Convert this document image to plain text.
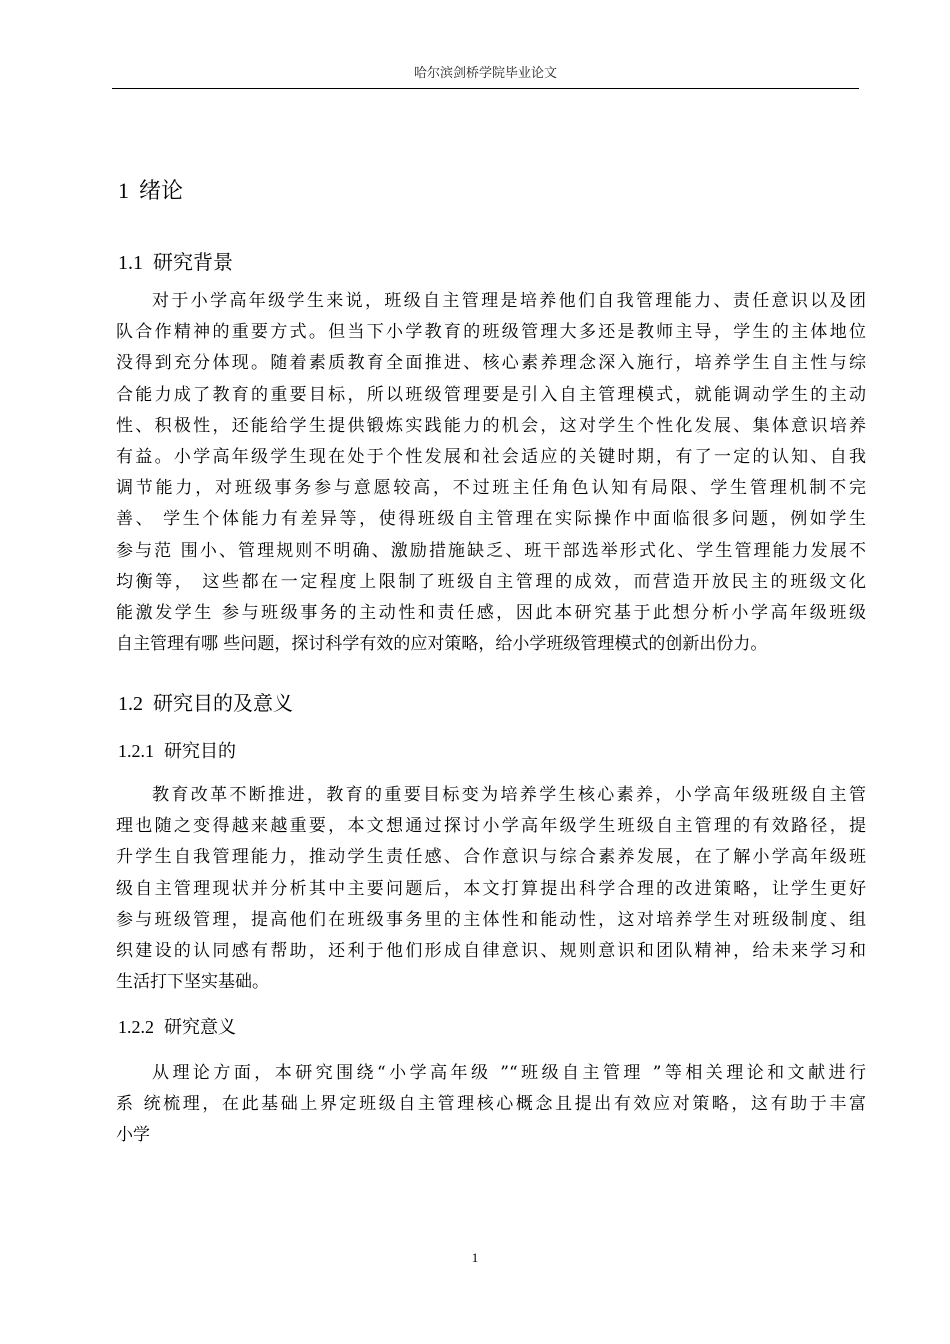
哈尔滨剑桥学院毕业论文
1 绪论
1.1 研究背景
对于小学高年级学生来说，班级自主管理是培养他们自我管理能力、责任意识以及团
队合作精神的重要方式。但当下小学教育的班级管理大多还是教师主导，学生的主体地位
没得到充分体现。随着素质教育全面推进、核心素养理念深入施行，培养学生自主性与综
合能力成了教育的重要目标，所以班级管理要是引入自主管理模式，就能调动学生的主动
性、积极性，还能给学生提供锻炼实践能力的机会，这对学生个性化发展、集体意识培养
有益。小学高年级学生现在处于个性发展和社会适应的关键时期，有了一定的认知、自我
调节能力，对班级事务参与意愿较高，不过班主任角色认知有局限、学生管理机制不完
善、 学生个体能力有差异等，使得班级自主管理在实际操作中面临很多问题，例如学生
参与范 围小、管理规则不明确、激励措施缺乏、班干部选举形式化、学生管理能力发展不
均衡等， 这些都在一定程度上限制了班级自主管理的成效，而营造开放民主的班级文化
能激发学生 参与班级事务的主动性和责任感，因此本研究基于此想分析小学高年级班级
自主管理有哪 些问题，探讨科学有效的应对策略，给小学班级管理模式的创新出份力。
1.2 研究目的及意义
1.2.1 研究目的
教育改革不断推进，教育的重要目标变为培养学生核心素养，小学高年级班级自主管
理也随之变得越来越重要，本文想通过探讨小学高年级学生班级自主管理的有效路径，提
升学生自我管理能力，推动学生责任感、合作意识与综合素养发展，在了解小学高年级班
级自主管理现状并分析其中主要问题后，本文打算提出科学合理的改进策略，让学生更好
参与班级管理，提高他们在班级事务里的主体性和能动性，这对培养学生对班级制度、组
织建设的认同感有帮助，还利于他们形成自律意识、规则意识和团队精神，给未来学习和
生活打下坚实基础。
1.2.2 研究意义
从理论方面，本研究围绕“小学高年级 ”“班级自主管理 ”等相关理论和文献进行
系 统梳理，在此基础上界定班级自主管理核心概念且提出有效应对策略，这有助于丰富
小学
1
